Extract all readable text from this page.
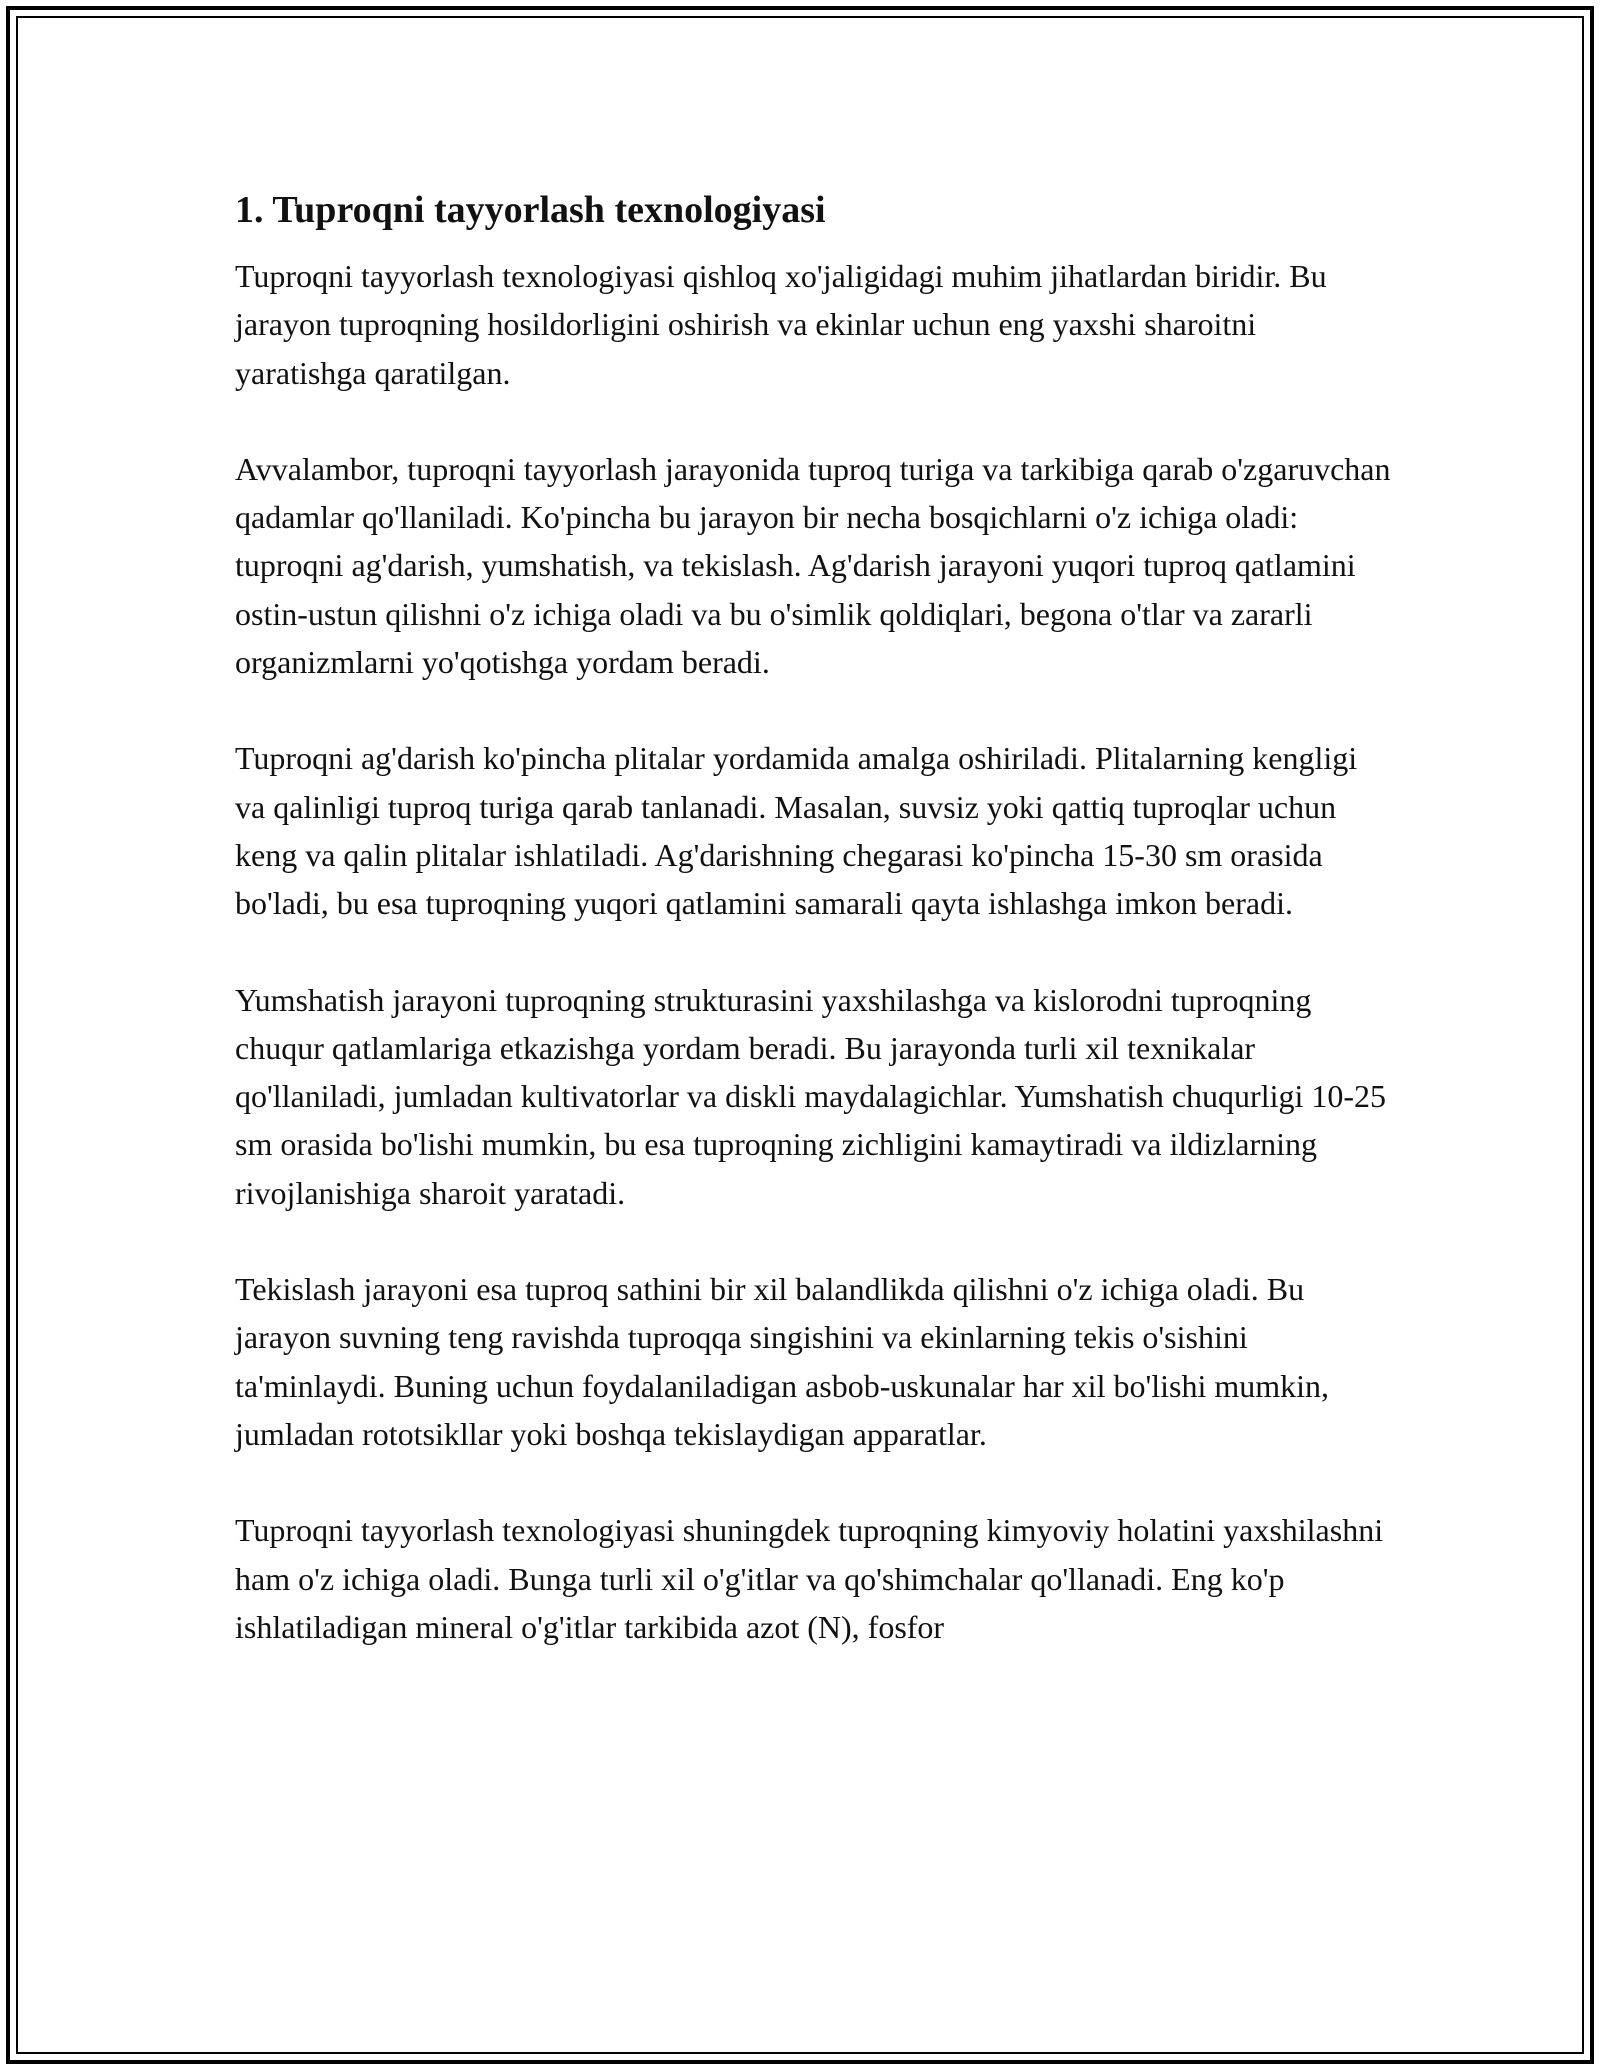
1. Tuproqni tayyorlash texnologiyasi

Tuproqni tayyorlash texnologiyasi qishloq xo'jaligidagi muhim jihatlardan biridir. Bu jarayon tuproqning hosildorligini oshirish va ekinlar uchun eng yaxshi sharoitni yaratishga qaratilgan.

Avvalambor, tuproqni tayyorlash jarayonida tuproq turiga va tarkibiga qarab o'zgaruvchan qadamlar qo'llaniladi. Ko'pincha bu jarayon bir necha bosqichlarni o'z ichiga oladi: tuproqni ag'darish, yumshatish, va tekislash. Ag'darish jarayoni yuqori tuproq qatlamini ostin-ustun qilishni o'z ichiga oladi va bu o'simlik qoldiqlari, begona o'tlar va zararli organizmlarni yo'qotishga yordam beradi.

Tuproqni ag'darish ko'pincha plitalar yordamida amalga oshiriladi. Plitalarning kengligi va qalinligi tuproq turiga qarab tanlanadi. Masalan, suvsiz yoki qattiq tuproqlar uchun keng va qalin plitalar ishlatiladi. Ag'darishning chegarasi ko'pincha 15-30 sm orasida bo'ladi, bu esa tuproqning yuqori qatlamini samarali qayta ishlashga imkon beradi.

Yumshatish jarayoni tuproqning strukturasini yaxshilashga va kislorodni tuproqning chuqur qatlamlariga etkazishga yordam beradi. Bu jarayonda turli xil texnikalar qo'llaniladi, jumladan kultivatorlar va diskli maydalagichlar. Yumshatish chuqurligi 10-25 sm orasida bo'lishi mumkin, bu esa tuproqning zichligini kamaytiradi va ildizlarning rivojlanishiga sharoit yaratadi.

Tekislash jarayoni esa tuproq sathini bir xil balandlikda qilishni o'z ichiga oladi. Bu jarayon suvning teng ravishda tuproqqa singishini va ekinlarning tekis o'sishini ta'minlaydi. Buning uchun foydalaniladigan asbob-uskunalar har xil bo'lishi mumkin, jumladan rototsikllar yoki boshqa tekislaydigan apparatlar.

Tuproqni tayyorlash texnologiyasi shuningdek tuproqning kimyoviy holatini yaxshilashni ham o'z ichiga oladi. Bunga turli xil o'g'itlar va qo'shimchalar qo'llanadi. Eng ko'p ishlatiladigan mineral o'g'itlar tarkibida azot (N), fosfor
